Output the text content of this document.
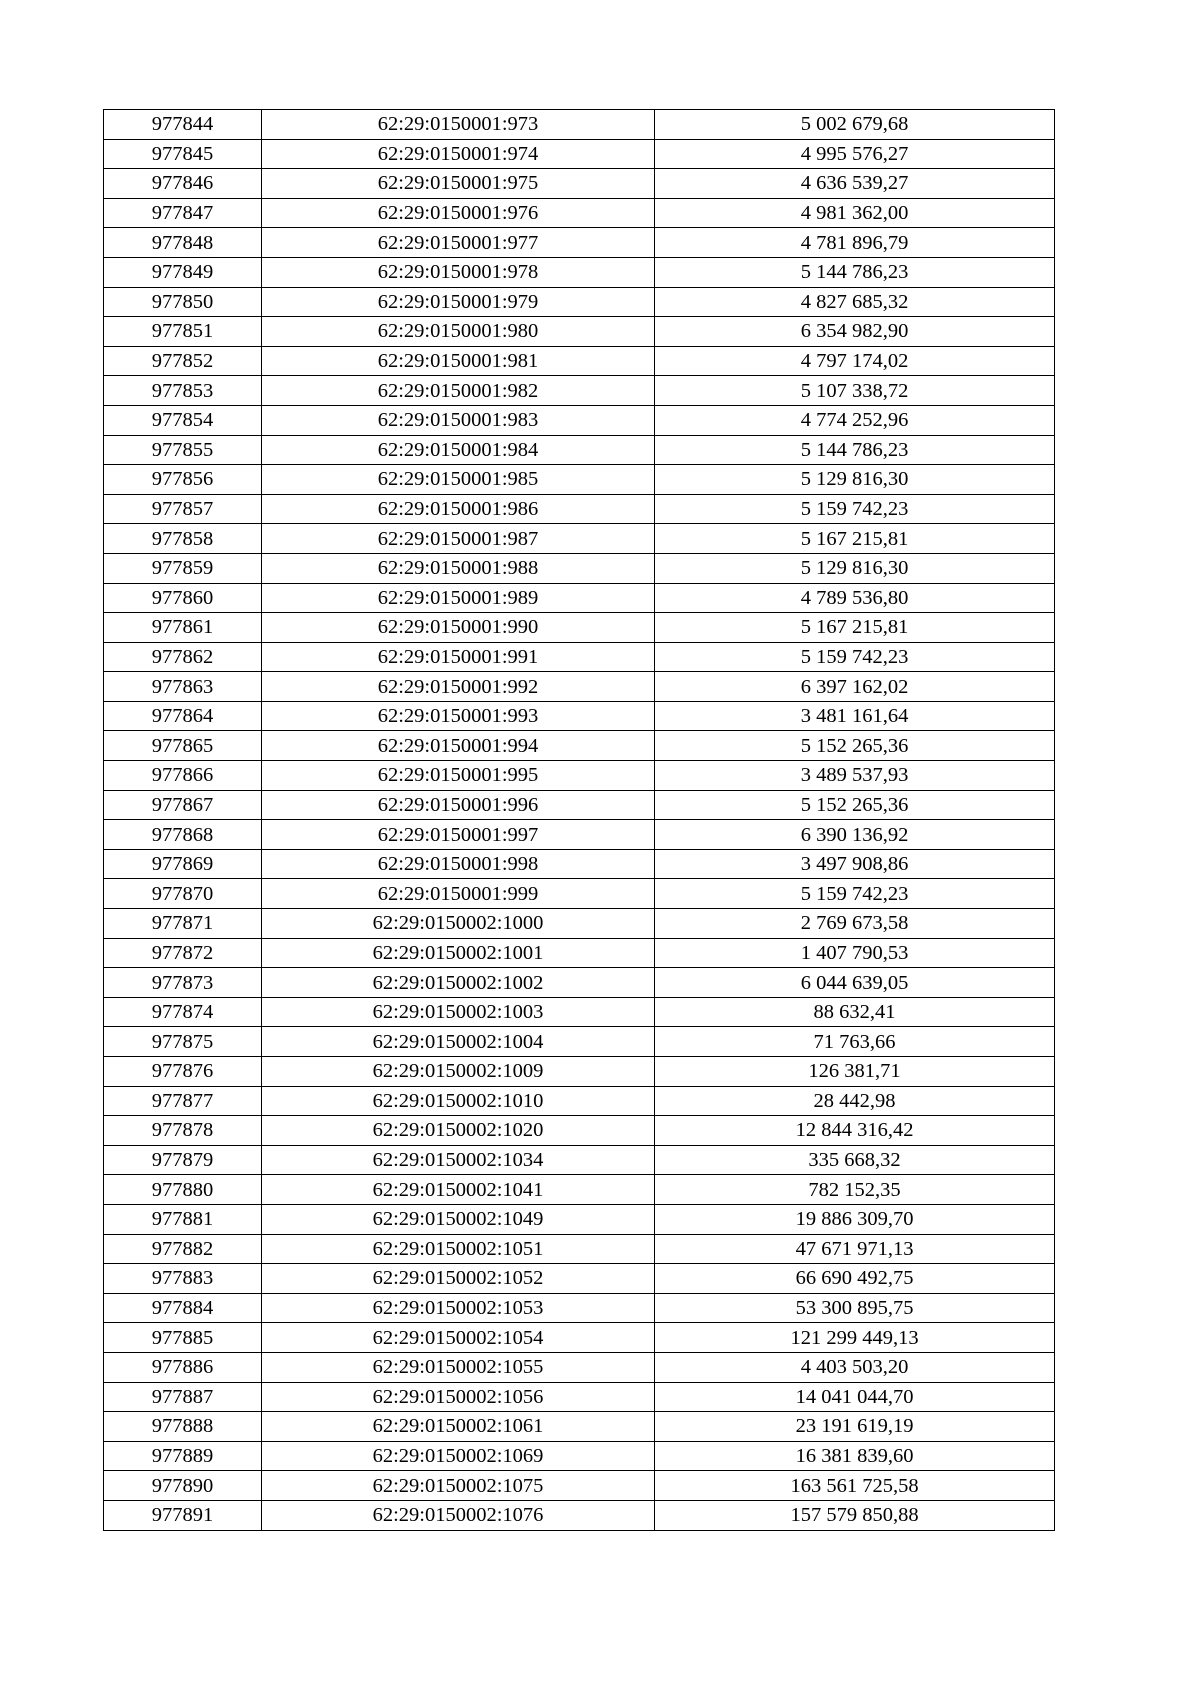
977844	62:29:0150001:973	5 002 679,68
977845	62:29:0150001:974	4 995 576,27
977846	62:29:0150001:975	4 636 539,27
977847	62:29:0150001:976	4 981 362,00
977848	62:29:0150001:977	4 781 896,79
977849	62:29:0150001:978	5 144 786,23
977850	62:29:0150001:979	4 827 685,32
977851	62:29:0150001:980	6 354 982,90
977852	62:29:0150001:981	4 797 174,02
977853	62:29:0150001:982	5 107 338,72
977854	62:29:0150001:983	4 774 252,96
977855	62:29:0150001:984	5 144 786,23
977856	62:29:0150001:985	5 129 816,30
977857	62:29:0150001:986	5 159 742,23
977858	62:29:0150001:987	5 167 215,81
977859	62:29:0150001:988	5 129 816,30
977860	62:29:0150001:989	4 789 536,80
977861	62:29:0150001:990	5 167 215,81
977862	62:29:0150001:991	5 159 742,23
977863	62:29:0150001:992	6 397 162,02
977864	62:29:0150001:993	3 481 161,64
977865	62:29:0150001:994	5 152 265,36
977866	62:29:0150001:995	3 489 537,93
977867	62:29:0150001:996	5 152 265,36
977868	62:29:0150001:997	6 390 136,92
977869	62:29:0150001:998	3 497 908,86
977870	62:29:0150001:999	5 159 742,23
977871	62:29:0150002:1000	2 769 673,58
977872	62:29:0150002:1001	1 407 790,53
977873	62:29:0150002:1002	6 044 639,05
977874	62:29:0150002:1003	88 632,41
977875	62:29:0150002:1004	71 763,66
977876	62:29:0150002:1009	126 381,71
977877	62:29:0150002:1010	28 442,98
977878	62:29:0150002:1020	12 844 316,42
977879	62:29:0150002:1034	335 668,32
977880	62:29:0150002:1041	782 152,35
977881	62:29:0150002:1049	19 886 309,70
977882	62:29:0150002:1051	47 671 971,13
977883	62:29:0150002:1052	66 690 492,75
977884	62:29:0150002:1053	53 300 895,75
977885	62:29:0150002:1054	121 299 449,13
977886	62:29:0150002:1055	4 403 503,20
977887	62:29:0150002:1056	14 041 044,70
977888	62:29:0150002:1061	23 191 619,19
977889	62:29:0150002:1069	16 381 839,60
977890	62:29:0150002:1075	163 561 725,58
977891	62:29:0150002:1076	157 579 850,88
